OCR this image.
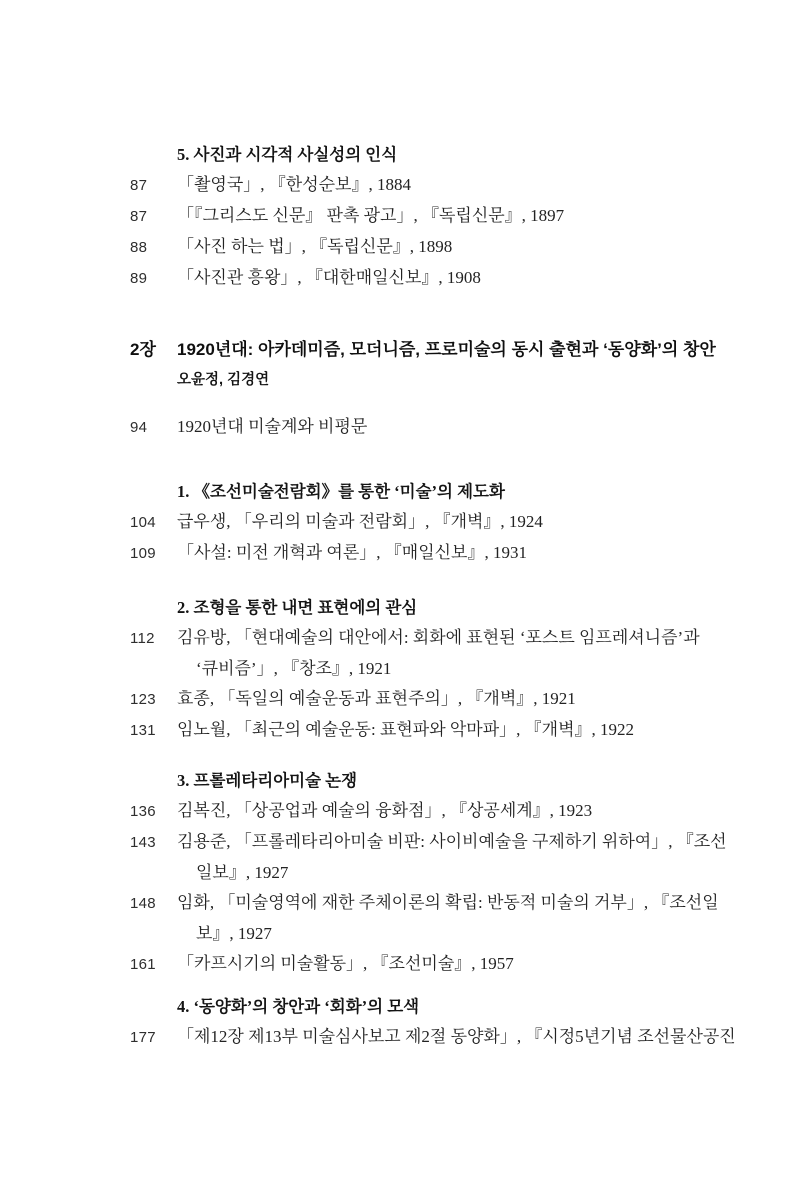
5. 사진과 시각적 사실성의 인식
87	「촬영국」, 『한성순보』, 1884
87	「『그리스도 신문』 판촉 광고」, 『독립신문』, 1897
88	「사진 하는 법」, 『독립신문』, 1898
89	「사진관 흥왕」, 『대한매일신보』, 1908
2장	1920년대: 아카데미즘, 모더니즘, 프로미술의 동시 출현과 ‘동양화’의 창안
오윤정, 김경연
94	1920년대 미술계와 비평문
1. 《조선미술전람회》를 통한 ‘미술’의 제도화
104	급우생, 「우리의 미술과 전람회」, 『개벽』, 1924
109	「사설: 미전 개혁과 여론」, 『매일신보』, 1931
2. 조형을 통한 내면 표현에의 관심
112	김유방, 「현대예술의 대안에서: 회화에 표현된 ‘포스트 임프레셔니즘’과
‘큐비즘’」, 『창조』, 1921
123	효종, 「독일의 예술운동과 표현주의」, 『개벽』, 1921
131	임노월, 「최근의 예술운동: 표현파와 악마파」, 『개벽』, 1922
3. 프롤레타리아미술 논쟁
136	김복진, 「상공업과 예술의 융화점」, 『상공세계』, 1923
143	김용준, 「프롤레타리아미술 비판: 사이비예술을 구제하기 위하여」, 『조선
일보』, 1927
148	임화, 「미술영역에 재한 주체이론의 확립: 반동적 미술의 거부」, 『조선일
보』, 1927
161	「카프시기의 미술활동」, 『조선미술』, 1957
4. ‘동양화’의 창안과 ‘회화’의 모색
177	「제12장 제13부 미술심사보고 제2절 동양화」, 『시정5년기념 조선물산공진
